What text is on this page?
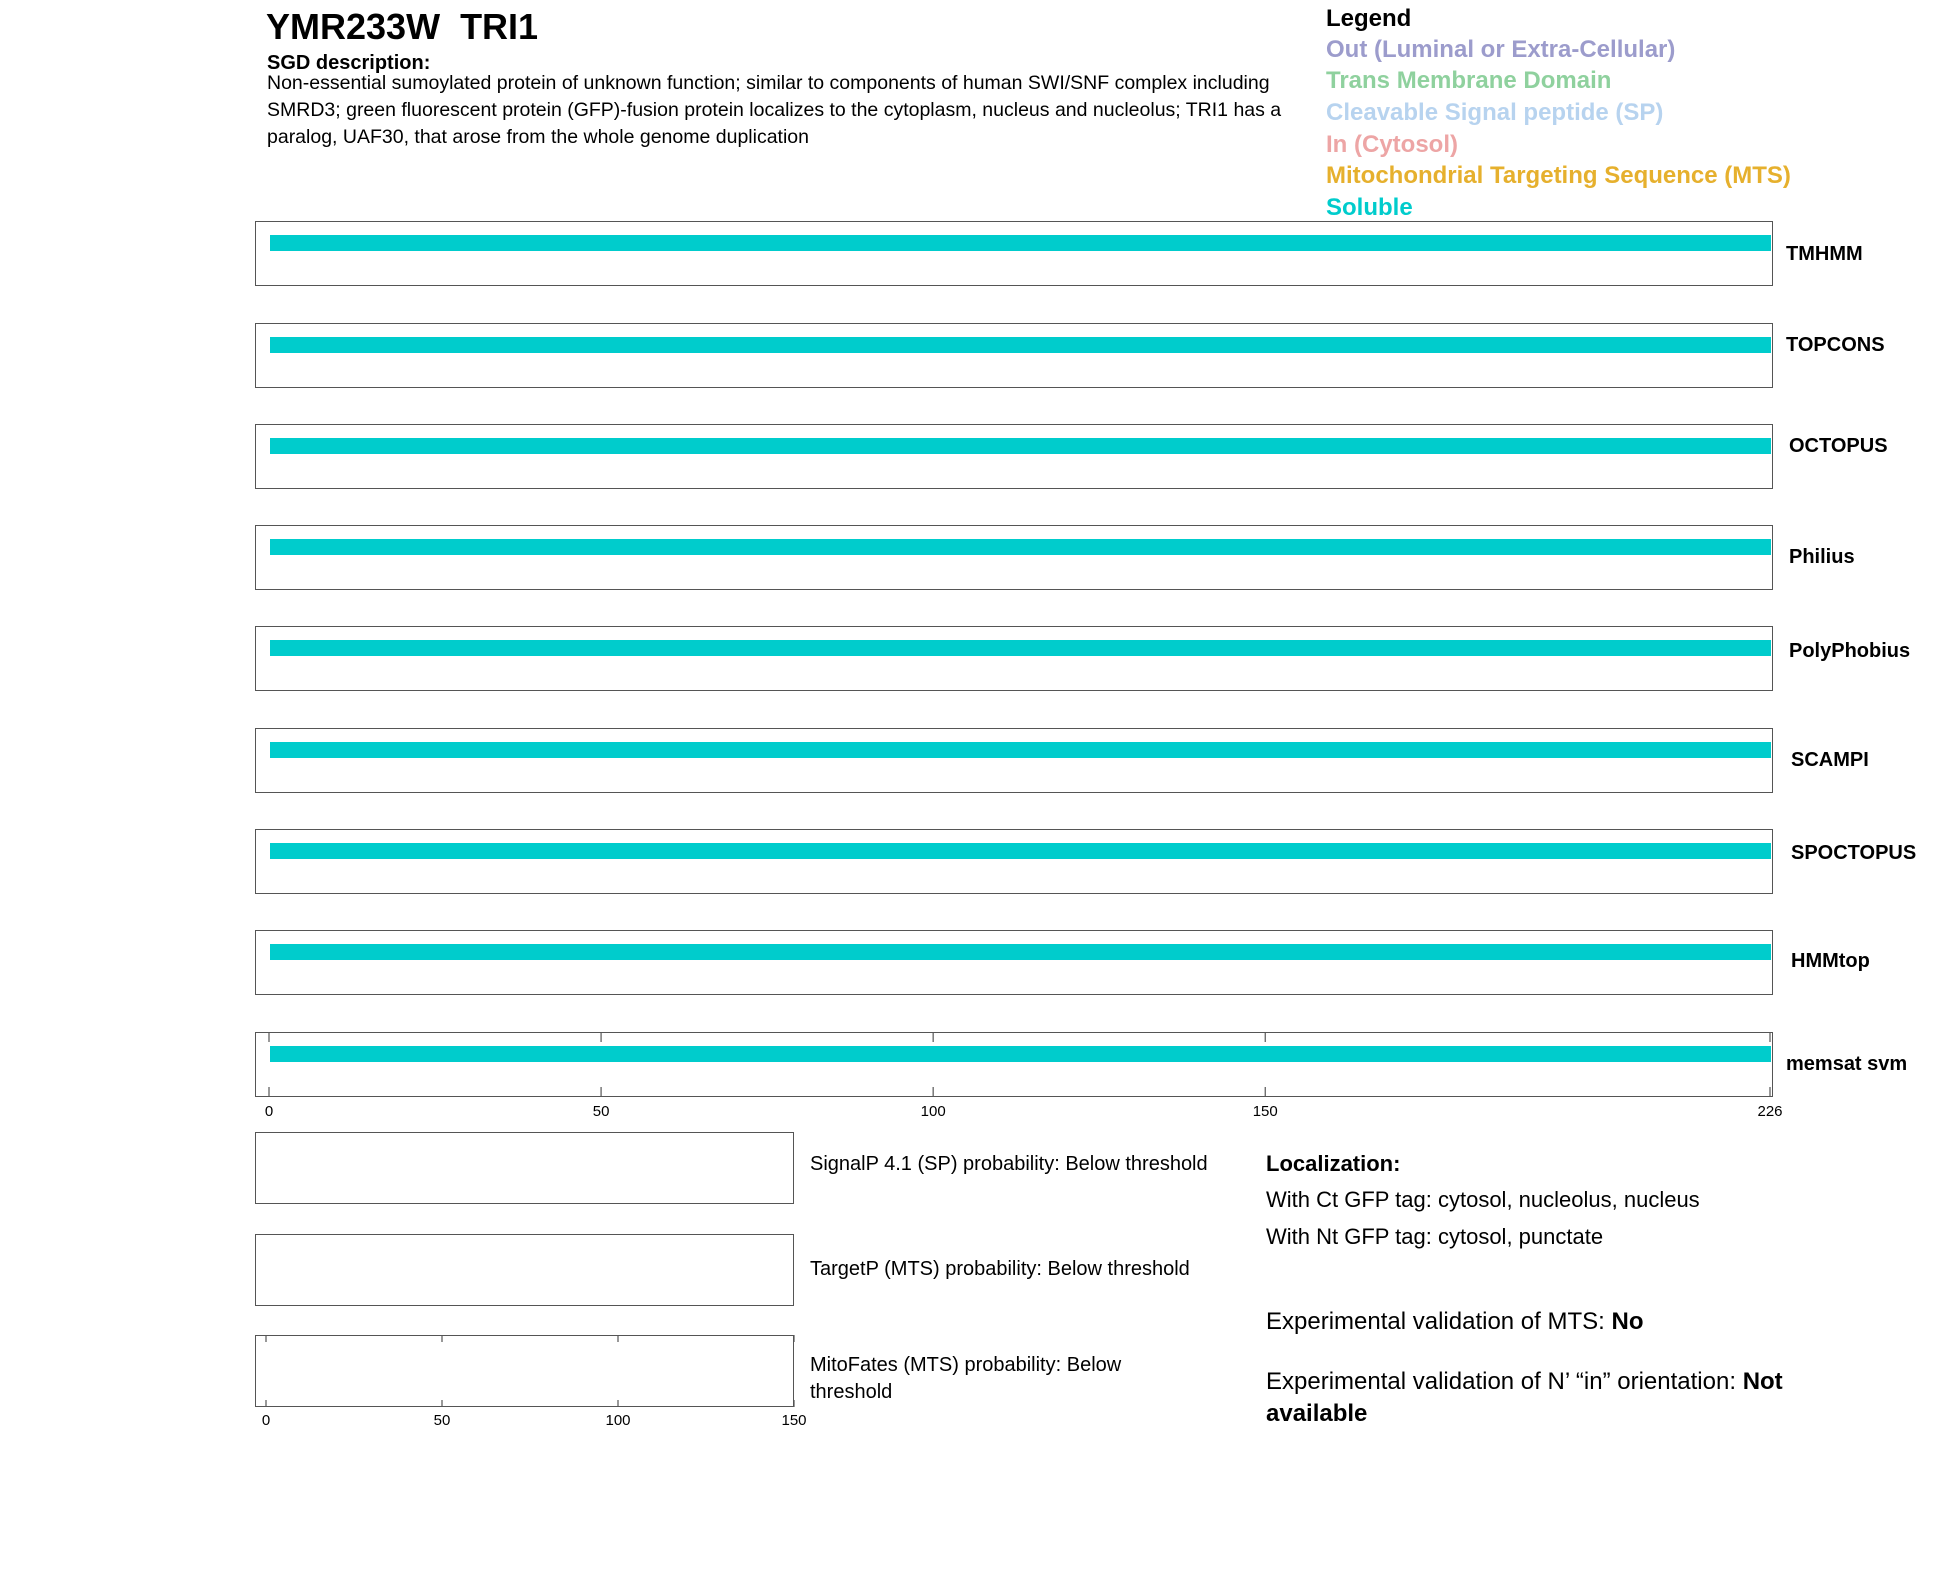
YMR233W TRI1
SGD description:
Non-essential sumoylated protein of unknown function; similar to components of human SWI/SNF complex including SMRD3; green fluorescent protein (GFP)-fusion protein localizes to the cytoplasm, nucleus and nucleolus; TRI1 has a paralog, UAF30, that arose from the whole genome duplication
Legend
Out (Luminal or Extra-Cellular)
Trans Membrane Domain
Cleavable Signal peptide (SP)
In (Cytosol)
Mitochondrial Targeting Sequence (MTS)
Soluble
TMHMM
TOPCONS
OCTOPUS
Philius
PolyPhobius
SCAMPI
SPOCTOPUS
HMMtop
memsat svm
0	50	100	150	226
SignalP 4.1 (SP) probability: Below threshold
TargetP (MTS) probability: Below threshold
MitoFates (MTS) probability: Below threshold
0	50	100	150
Localization:
With Ct GFP tag: cytosol, nucleolus, nucleus
With Nt GFP tag: cytosol, punctate
Experimental validation of MTS: No
Experimental validation of N’ “in” orientation: Not available
